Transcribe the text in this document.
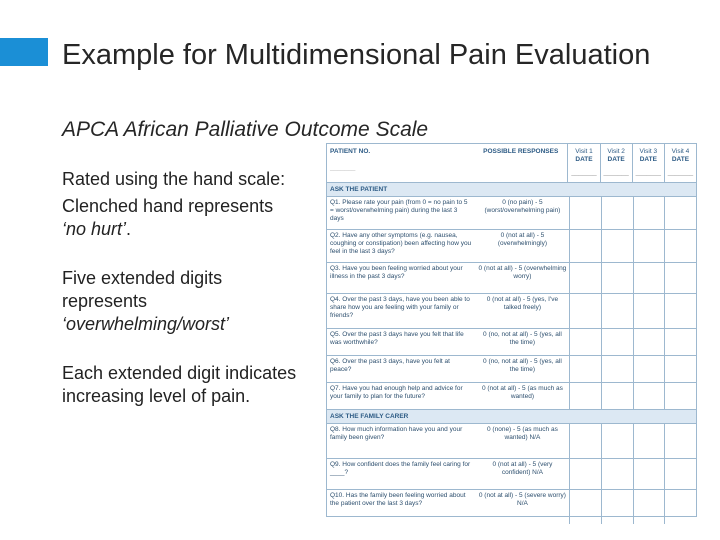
Example for Multidimensional Pain Evaluation
APCA African Palliative Outcome Scale

Rated using the hand scale:

Clenched hand represents ‘no hurt’.

Five extended digits represents ‘overwhelming/worst’

Each extended digit indicates increasing level of pain.

PATIENT NO.
_______
POSSIBLE RESPONSES	Visit 1
DATE
_______
Visit 2
DATE
_______
Visit 3
DATE
_______
Visit 4
DATE
_______
ASK THE PATIENT
Q1. Please rate your pain (from 0 = no pain to 5 = worst/overwhelming pain) during the last 3 days
0 (no pain) - 5 (worst/overwhelming pain)
Q2. Have any other symptoms (e.g. nausea, coughing or constipation) been affecting how you feel in the last 3 days?
0 (not at all) - 5 (overwhelmingly)
Q3. Have you been feeling worried about your illness in the past 3 days?
0 (not at all) - 5 (overwhelming worry)
Q4. Over the past 3 days, have you been able to share how you are feeling with your family or friends?
0 (not at all) - 5 (yes, I've talked freely)
Q5. Over the past 3 days have you felt that life was worthwhile?
0 (no, not at all) - 5 (yes, all the time)
Q6. Over the past 3 days, have you felt at peace?
0 (no, not at all) - 5 (yes, all the time)
Q7. Have you had enough help and advice for your family to plan for the future?
0 (not at all) - 5 (as much as wanted)
ASK THE FAMILY CARER
Q8. How much information have you and your family been given?
0 (none) - 5 (as much as wanted) N/A
Q9. How confident does the family feel caring for ____?
0 (not at all) - 5 (very confident) N/A
Q10. Has the family been feeling worried about the patient over the last 3 days?
0 (not at all) - 5 (severe worry) N/A
